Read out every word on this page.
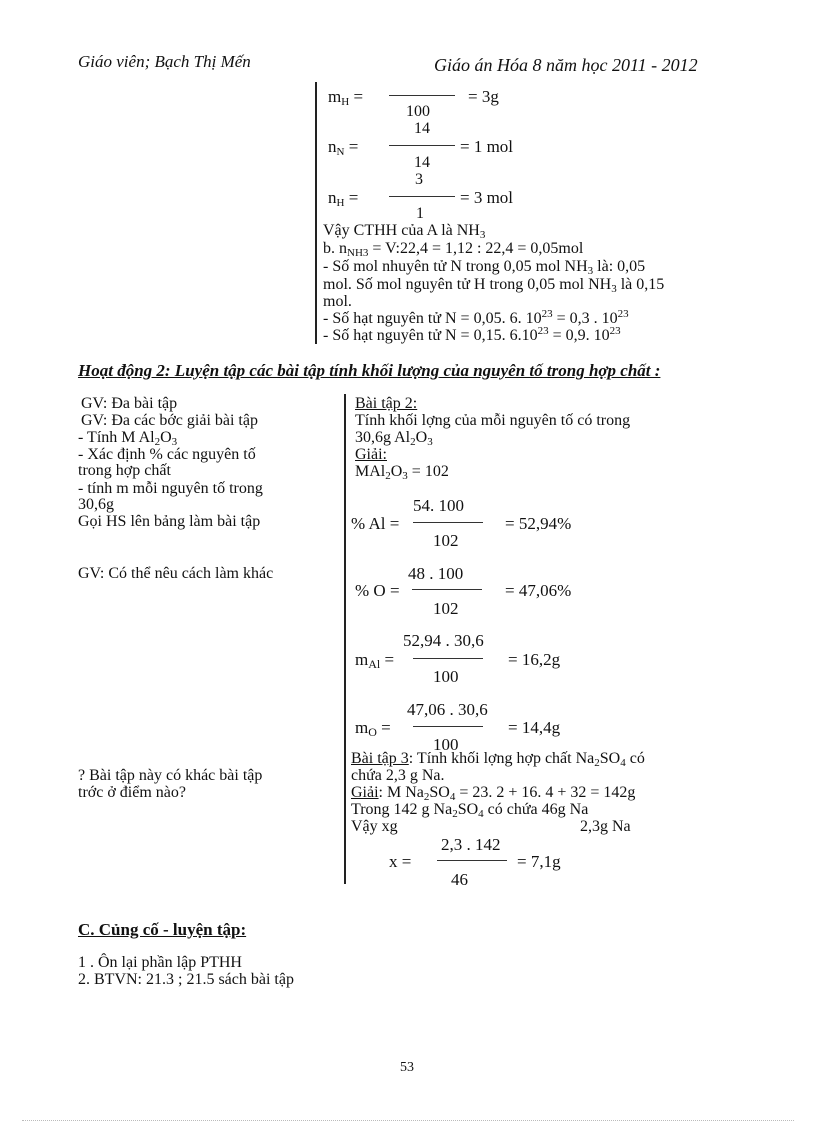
Giáo viên; Bạch Thị Mến	Giáo án Hóa 8 năm học 2011 - 2012
$m_H$ =	= 3g
100
14
$n_N$ =	= 1 mol
14
3
$n_H$ =	= 3 mol
1
Vậy CTHH của A là $NH_3$
b. $n_{NH3}$ = V:22,4 = 1,12 : 22,4 = 0,05mol
- Số mol nhuyên tử N trong 0,05 mol $NH_3$ là: 0,05
mol. Số mol nguyên tử H trong 0,05 mol $NH_3$ là 0,15
mol.
- Số hạt nguyên tử N = 0,05. 6. $10^{23} = 0,3$ . $10^{23}$
- Số hạt nguyên tử N = 0,15. $6.10^{23} = 0,9$. $10^{23}$
Hoạt động 2: Luyện tập các bài tập tính khối lượng của nguyên tố trong hợp chất :
GV: Đa bài tập
GV: Đa các bớc giải bài tập
- Tính M $Al_2O_3$
- Xác định % các nguyên tố
trong hợp chất
- tính m mỗi nguyên tố trong
30,6g
Gọi HS lên bảng làm bài tập
GV: Có thể nêu cách làm khác
? Bài tập này có khác bài tập
trớc ở điểm nào?
Bài tập 2:
Tính khối lợng của mỗi nguyên tố có trong
30,6g $Al_2O_3$
Giải:
$MAl_2O_3 = 102$
54. 100
% Al =	= 52,94%
102
48 . 100
% O =	= 47,06%
102
52,94 . 30,6
$m_{Al}$ =	= 16,2g
100
47,06 . 30,6
$m_O$ =	= 14,4g
100
Bài tập 3: Tính khối lợng hợp chất $Na_2SO_4$ có
chứa 2,3 g Na.
Giải: M $Na_2SO_4 = 23$. 2 + 16. 4 + 32 = 142g
Trong 142 g $Na_2SO_4$ có chứa 46g Na
Vậy xg	2,3g Na
2,3 . 142
x =	= 7,1g
46
C. Củng cố - luyện tập:
1 . Ôn lại phần lập PTHH
2. BTVN: 21.3 ; 21.5 sách bài tập
53
